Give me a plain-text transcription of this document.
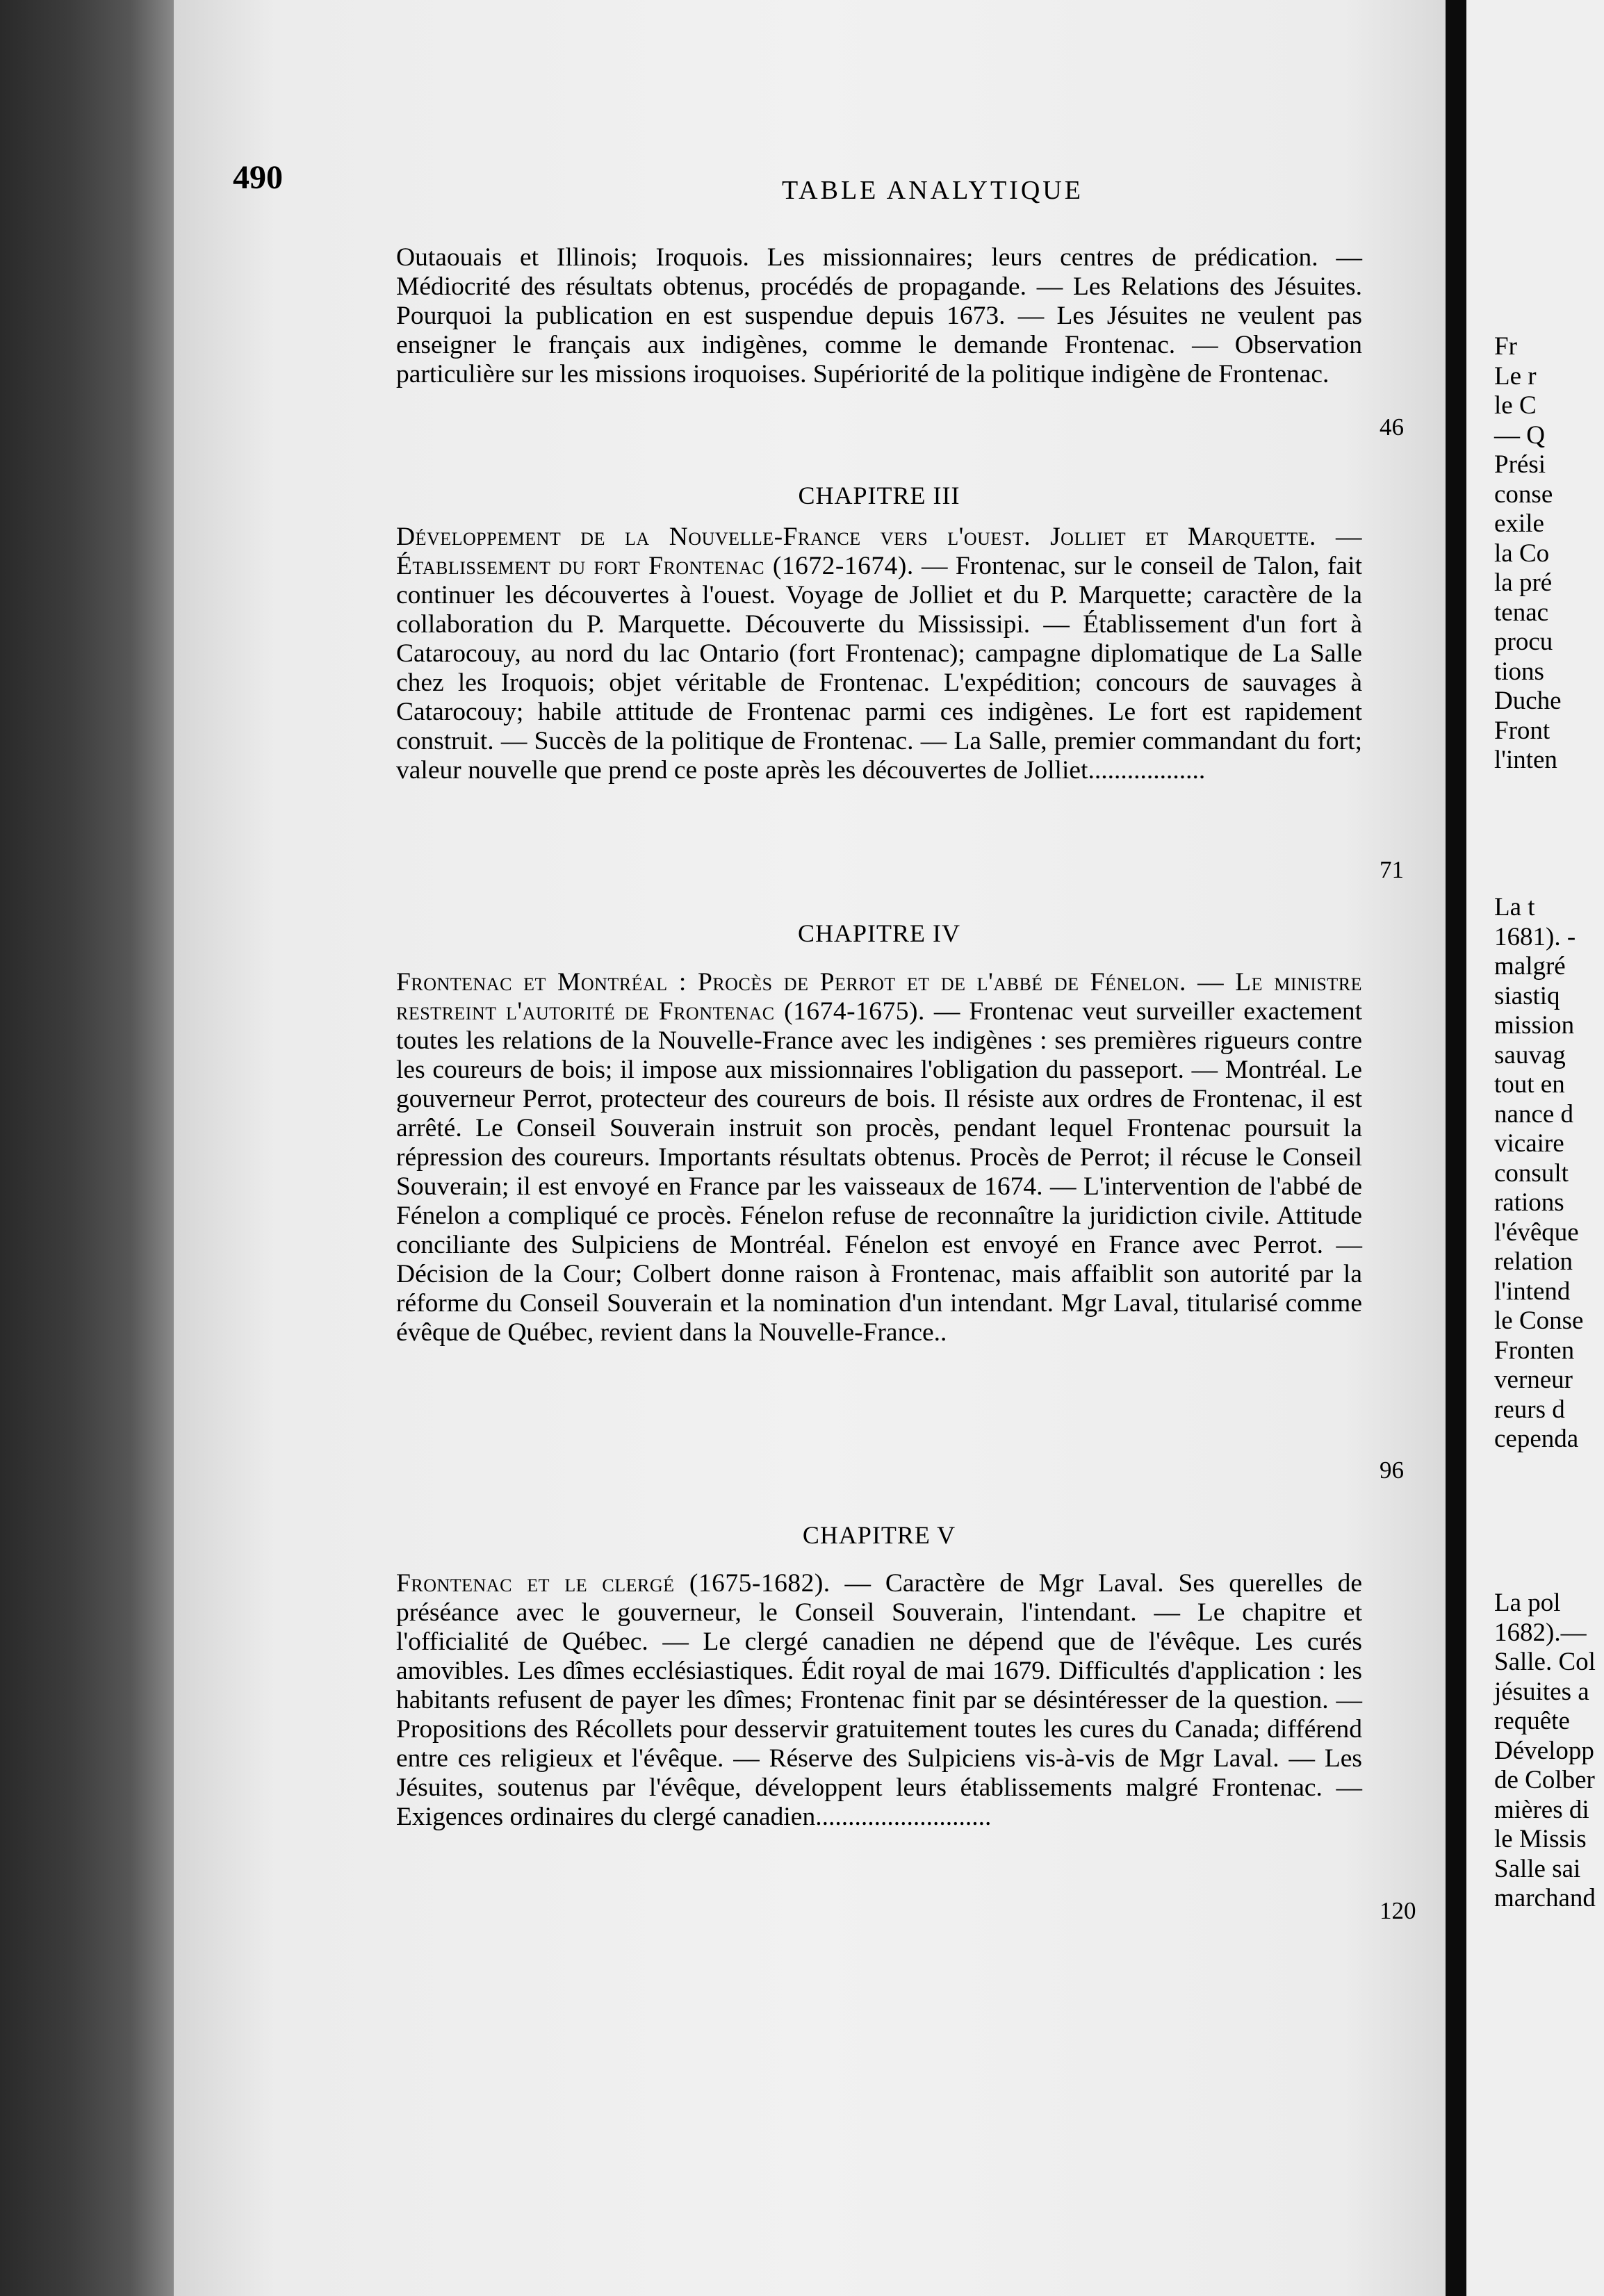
490	TABLE ANALYTIQUE

Outaouais et Illinois; Iroquois. Les missionnaires; leurs centres de prédication. — Médiocrité des résultats obtenus, procédés de propagande. — Les Relations des Jésuites. Pourquoi la publication en est suspendue depuis 1673. — Les Jésuites ne veulent pas enseigner le français aux indigènes, comme le demande Frontenac. — Observation particulière sur les missions iroquoises. Supériorité de la politique indigène de Frontenac.

46

CHAPITRE III

Développement de la Nouvelle-France vers l'ouest. Jolliet et Marquette. — Établissement du fort Frontenac (1672-1674). — Frontenac, sur le conseil de Talon, fait continuer les découvertes à l'ouest. Voyage de Jolliet et du P. Marquette; caractère de la collaboration du P. Marquette. Découverte du Mississipi. — Établissement d'un fort à Catarocouy, au nord du lac Ontario (fort Frontenac); campagne diplomatique de La Salle chez les Iroquois; objet véritable de Frontenac. L'expédition; concours de sauvages à Catarocouy; habile attitude de Frontenac parmi ces indigènes. Le fort est rapidement construit. — Succès de la politique de Frontenac. — La Salle, premier commandant du fort; valeur nouvelle que prend ce poste après les découvertes de Jolliet..................

71

CHAPITRE IV

Frontenac et Montréal : Procès de Perrot et de l'abbé de Fénelon. — Le ministre restreint l'autorité de Frontenac (1674-1675). — Frontenac veut surveiller exactement toutes les relations de la Nouvelle-France avec les indigènes : ses premières rigueurs contre les coureurs de bois; il impose aux missionnaires l'obligation du passeport. — Montréal. Le gouverneur Perrot, protecteur des coureurs de bois. Il résiste aux ordres de Frontenac, il est arrêté. Le Conseil Souverain instruit son procès, pendant lequel Frontenac poursuit la répression des coureurs. Importants résultats obtenus. Procès de Perrot; il récuse le Conseil Souverain; il est envoyé en France par les vaisseaux de 1674. — L'intervention de l'abbé de Fénelon a compliqué ce procès. Fénelon refuse de reconnaître la juridiction civile. Attitude conciliante des Sulpiciens de Montréal. Fénelon est envoyé en France avec Perrot. — Décision de la Cour; Colbert donne raison à Frontenac, mais affaiblit son autorité par la réforme du Conseil Souverain et la nomination d'un intendant. Mgr Laval, titularisé comme évêque de Québec, revient dans la Nouvelle-France..

96

CHAPITRE V

Frontenac et le clergé (1675-1682). — Caractère de Mgr Laval. Ses querelles de préséance avec le gouverneur, le Conseil Souverain, l'intendant. — Le chapitre et l'officialité de Québec. — Le clergé canadien ne dépend que de l'évêque. Les curés amovibles. Les dîmes ecclésiastiques. Édit royal de mai 1679. Difficultés d'application : les habitants refusent de payer les dîmes; Frontenac finit par se désintéresser de la question. — Propositions des Récollets pour desservir gratuitement toutes les cures du Canada; différend entre ces religieux et l'évêque. — Réserve des Sulpiciens vis-à-vis de Mgr Laval. — Les Jésuites, soutenus par l'évêque, développent leurs établissements malgré Frontenac. — Exigences ordinaires du clergé canadien...........................

120

Fr
Le r
le C
— Q
Prési
conse
exile
la Co
la pré
tenac
procu
tions
Duche
Front
l'inten
La t
1681). -
malgré
siastiq
mission
sauvag
tout en
nance d
vicaire
consult
rations
l'évêque
relation
l'intend
le Conse
Fronten
verneur
reurs d
cependa
La pol
1682).—
Salle. Col
jésuites a
requête
Développ
de Colber
mières di
le Missis
Salle sai
marchand
